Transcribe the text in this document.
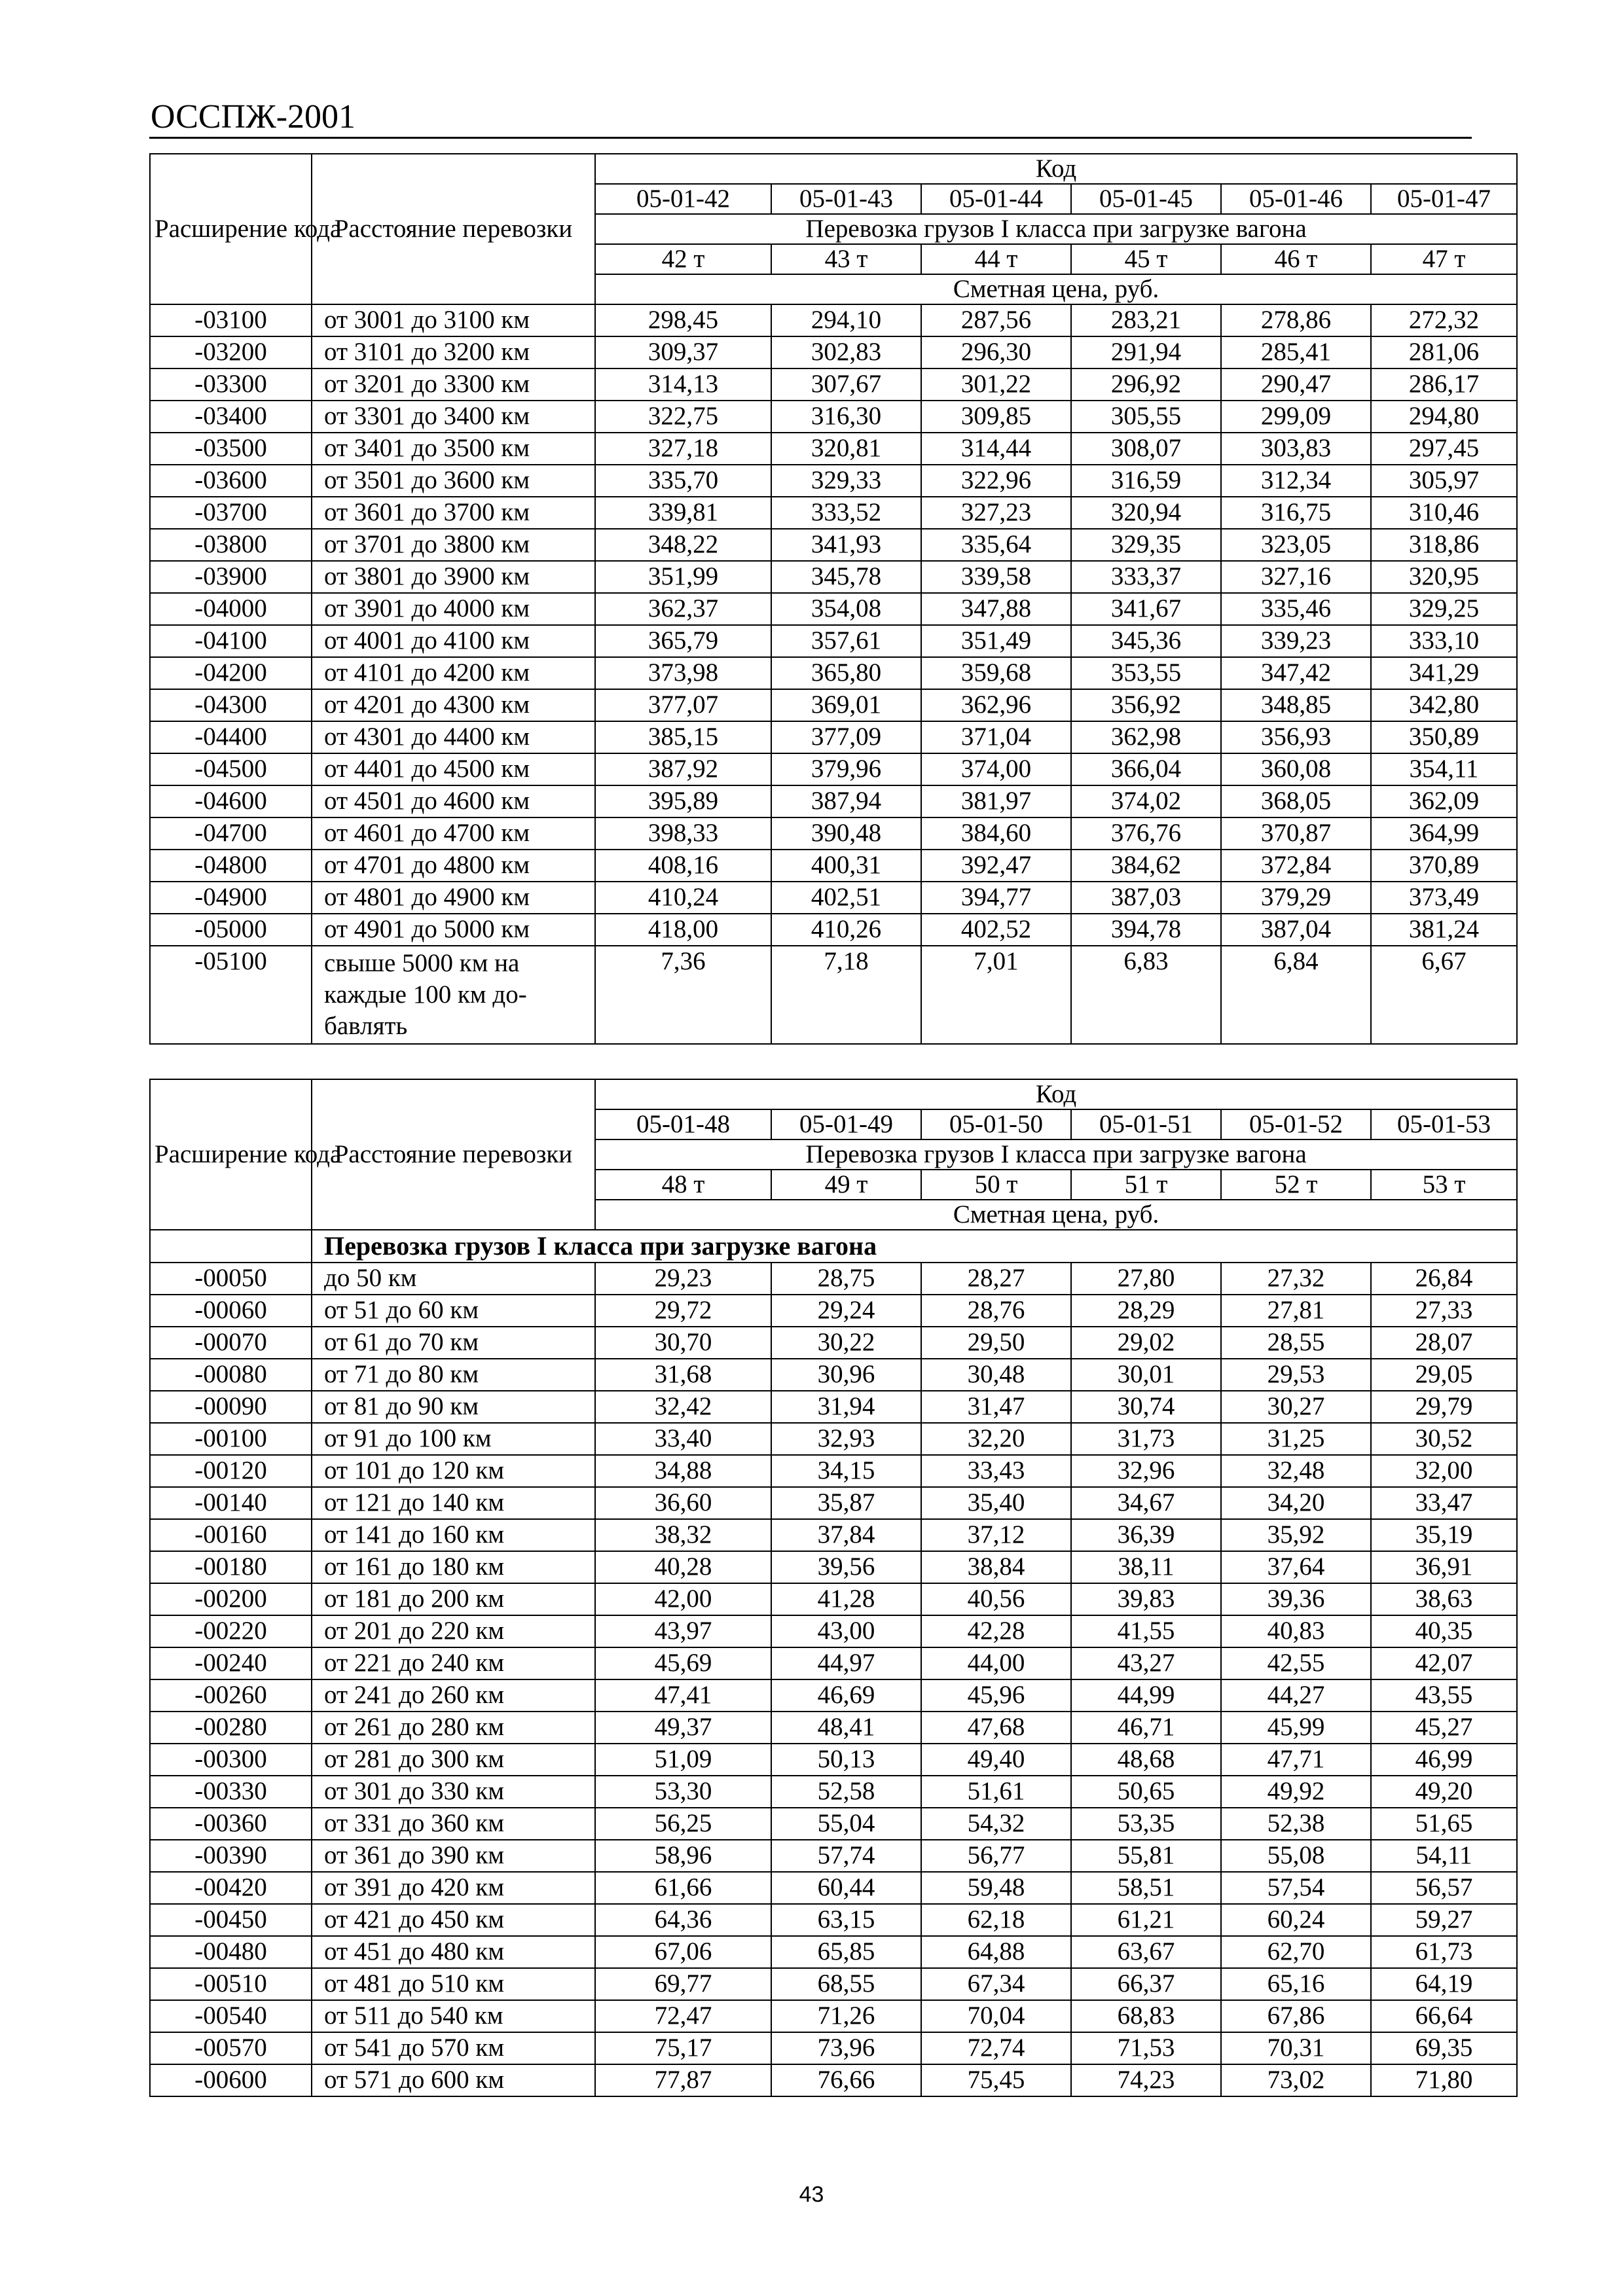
ОССПЖ-2001
Расширение кода	Расстояние перевозки	Код					
		05-01-42	05-01-43	05-01-44	05-01-45	05-01-46	05-01-47
		Перевозка грузов I класса при загрузке вагона					
		42 т	43 т	44 т	45 т	46 т	47 т
		Сметная цена, руб.					
-03100	от 3001 до 3100 км	298,45	294,10	287,56	283,21	278,86	272,32
-03200	от 3101 до 3200 км	309,37	302,83	296,30	291,94	285,41	281,06
-03300	от 3201 до 3300 км	314,13	307,67	301,22	296,92	290,47	286,17
-03400	от 3301 до 3400 км	322,75	316,30	309,85	305,55	299,09	294,80
-03500	от 3401 до 3500 км	327,18	320,81	314,44	308,07	303,83	297,45
-03600	от 3501 до 3600 км	335,70	329,33	322,96	316,59	312,34	305,97
-03700	от 3601 до 3700 км	339,81	333,52	327,23	320,94	316,75	310,46
-03800	от 3701 до 3800 км	348,22	341,93	335,64	329,35	323,05	318,86
-03900	от 3801 до 3900 км	351,99	345,78	339,58	333,37	327,16	320,95
-04000	от 3901 до 4000 км	362,37	354,08	347,88	341,67	335,46	329,25
-04100	от 4001 до 4100 км	365,79	357,61	351,49	345,36	339,23	333,10
-04200	от 4101 до 4200 км	373,98	365,80	359,68	353,55	347,42	341,29
-04300	от 4201 до 4300 км	377,07	369,01	362,96	356,92	348,85	342,80
-04400	от 4301 до 4400 км	385,15	377,09	371,04	362,98	356,93	350,89
-04500	от 4401 до 4500 км	387,92	379,96	374,00	366,04	360,08	354,11
-04600	от 4501 до 4600 км	395,89	387,94	381,97	374,02	368,05	362,09
-04700	от 4601 до 4700 км	398,33	390,48	384,60	376,76	370,87	364,99
-04800	от 4701 до 4800 км	408,16	400,31	392,47	384,62	372,84	370,89
-04900	от 4801 до 4900 км	410,24	402,51	394,77	387,03	379,29	373,49
-05000	от 4901 до 5000 км	418,00	410,26	402,52	394,78	387,04	381,24
-05100	свыше 5000 км на
каждые 100 км до-
бавлять	7,36	7,18	7,01	6,83	6,84	6,67
Расширение кода	Расстояние перевозки	Код					
		05-01-48	05-01-49	05-01-50	05-01-51	05-01-52	05-01-53
		Перевозка грузов I класса при загрузке вагона					
		48 т	49 т	50 т	51 т	52 т	53 т
		Сметная цена, руб.					
	Перевозка грузов I класса при загрузке вагона						
-00050	до 50 км	29,23	28,75	28,27	27,80	27,32	26,84
-00060	от 51 до 60 км	29,72	29,24	28,76	28,29	27,81	27,33
-00070	от 61 до 70 км	30,70	30,22	29,50	29,02	28,55	28,07
-00080	от 71 до 80 км	31,68	30,96	30,48	30,01	29,53	29,05
-00090	от 81 до 90 км	32,42	31,94	31,47	30,74	30,27	29,79
-00100	от 91 до 100 км	33,40	32,93	32,20	31,73	31,25	30,52
-00120	от 101 до 120 км	34,88	34,15	33,43	32,96	32,48	32,00
-00140	от 121 до 140 км	36,60	35,87	35,40	34,67	34,20	33,47
-00160	от 141 до 160 км	38,32	37,84	37,12	36,39	35,92	35,19
-00180	от 161 до 180 км	40,28	39,56	38,84	38,11	37,64	36,91
-00200	от 181 до 200 км	42,00	41,28	40,56	39,83	39,36	38,63
-00220	от 201 до 220 км	43,97	43,00	42,28	41,55	40,83	40,35
-00240	от 221 до 240 км	45,69	44,97	44,00	43,27	42,55	42,07
-00260	от 241 до 260 км	47,41	46,69	45,96	44,99	44,27	43,55
-00280	от 261 до 280 км	49,37	48,41	47,68	46,71	45,99	45,27
-00300	от 281 до 300 км	51,09	50,13	49,40	48,68	47,71	46,99
-00330	от 301 до 330 км	53,30	52,58	51,61	50,65	49,92	49,20
-00360	от 331 до 360 км	56,25	55,04	54,32	53,35	52,38	51,65
-00390	от 361 до 390 км	58,96	57,74	56,77	55,81	55,08	54,11
-00420	от 391 до 420 км	61,66	60,44	59,48	58,51	57,54	56,57
-00450	от 421 до 450 км	64,36	63,15	62,18	61,21	60,24	59,27
-00480	от 451 до 480 км	67,06	65,85	64,88	63,67	62,70	61,73
-00510	от 481 до 510 км	69,77	68,55	67,34	66,37	65,16	64,19
-00540	от 511 до 540 км	72,47	71,26	70,04	68,83	67,86	66,64
-00570	от 541 до 570 км	75,17	73,96	72,74	71,53	70,31	69,35
-00600	от 571 до 600 км	77,87	76,66	75,45	74,23	73,02	71,80
43
